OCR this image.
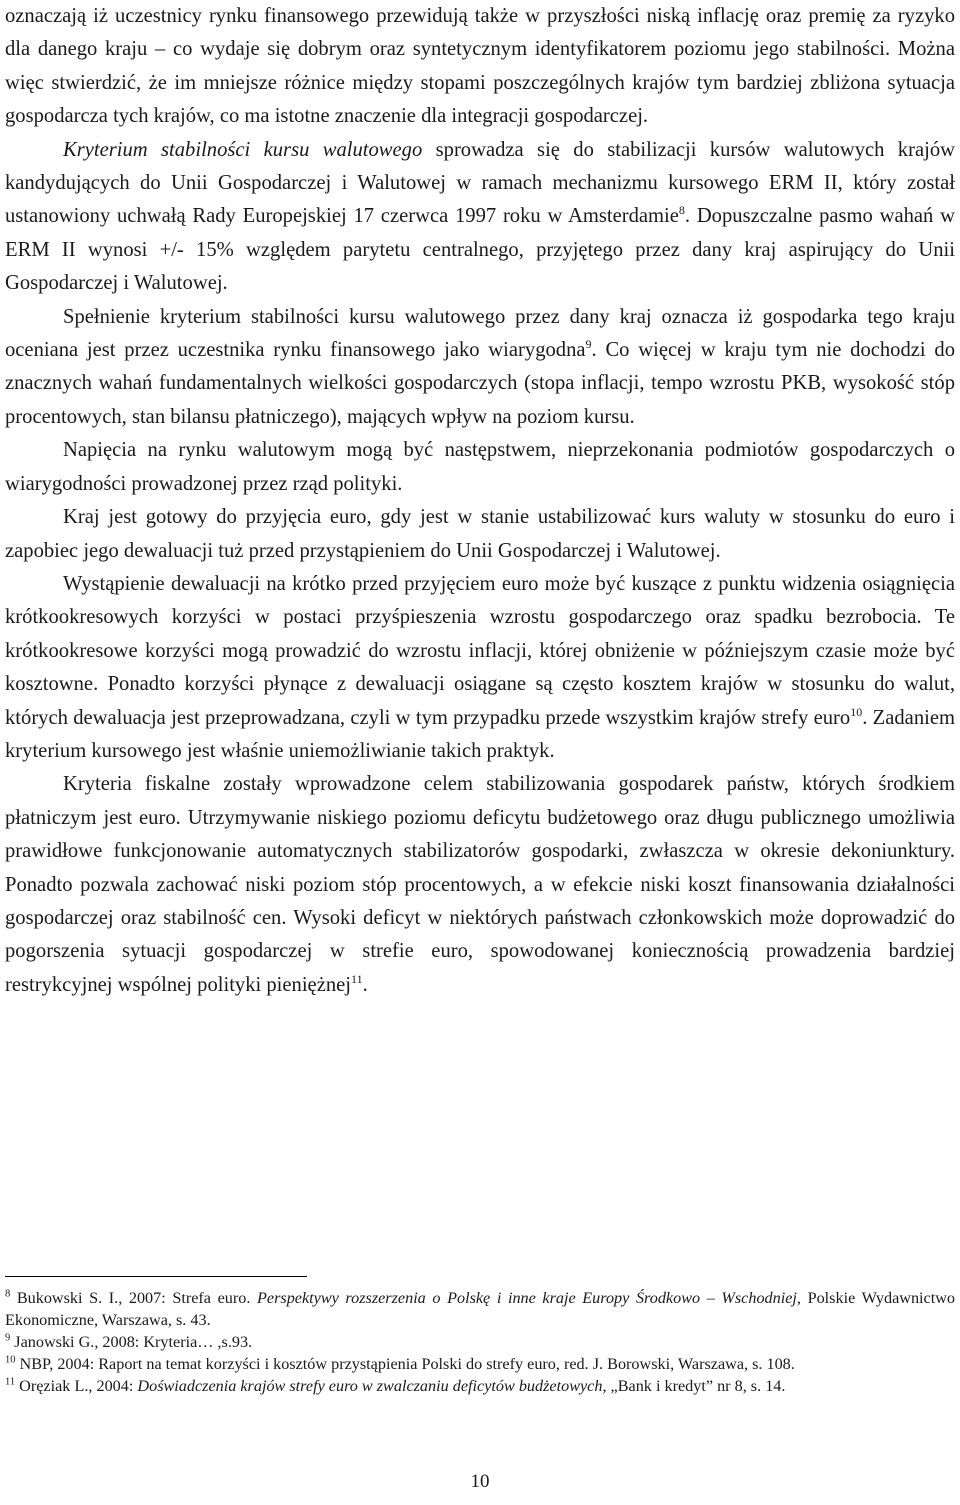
oznaczają iż uczestnicy rynku finansowego przewidują także w przyszłości niską inflację oraz premię za ryzyko dla danego kraju – co wydaje się dobrym oraz syntetycznym identyfikatorem poziomu jego stabilności. Można więc stwierdzić, że im mniejsze różnice między stopami poszczególnych krajów tym bardziej zbliżona sytuacja gospodarcza tych krajów, co ma istotne znaczenie dla integracji gospodarczej.

Kryterium stabilności kursu walutowego sprowadza się do stabilizacji kursów walutowych krajów kandydujących do Unii Gospodarczej i Walutowej w ramach mechanizmu kursowego ERM II, który został ustanowiony uchwałą Rady Europejskiej 17 czerwca 1997 roku w Amsterdamie$^8$. Dopuszczalne pasmo wahań w ERM II wynosi +/- 15% względem parytetu centralnego, przyjętego przez dany kraj aspirujący do Unii Gospodarczej i Walutowej.

Spełnienie kryterium stabilności kursu walutowego przez dany kraj oznacza iż gospodarka tego kraju oceniana jest przez uczestnika rynku finansowego jako wiarygodna$^9$. Co więcej w kraju tym nie dochodzi do znacznych wahań fundamentalnych wielkości gospodarczych (stopa inflacji, tempo wzrostu PKB, wysokość stóp procentowych, stan bilansu płatniczego), mających wpływ na poziom kursu.

Napięcia na rynku walutowym mogą być następstwem, nieprzekonania podmiotów gospodarczych o wiarygodności prowadzonej przez rząd polityki.

Kraj jest gotowy do przyjęcia euro, gdy jest w stanie ustabilizować kurs waluty w stosunku do euro i zapobiec jego dewaluacji tuż przed przystąpieniem do Unii Gospodarczej i Walutowej.

Wystąpienie dewaluacji na krótko przed przyjęciem euro może być kuszące z punktu widzenia osiągnięcia krótkookresowych korzyści w postaci przyśpieszenia wzrostu gospodarczego oraz spadku bezrobocia. Te krótkookresowe korzyści mogą prowadzić do wzrostu inflacji, której obniżenie w późniejszym czasie może być kosztowne. Ponadto korzyści płynące z dewaluacji osiągane są często kosztem krajów w stosunku do walut, których dewaluacja jest przeprowadzana, czyli w tym przypadku przede wszystkim krajów strefy euro$^{10}$. Zadaniem kryterium kursowego jest właśnie uniemożliwianie takich praktyk.

Kryteria fiskalne zostały wprowadzone celem stabilizowania gospodarek państw, których środkiem płatniczym jest euro. Utrzymywanie niskiego poziomu deficytu budżetowego oraz długu publicznego umożliwia prawidłowe funkcjonowanie automatycznych stabilizatorów gospodarki, zwłaszcza w okresie dekoniunktury. Ponadto pozwala zachować niski poziom stóp procentowych, a w efekcie niski koszt finansowania działalności gospodarczej oraz stabilność cen. Wysoki deficyt w niektórych państwach członkowskich może doprowadzić do pogorszenia sytuacji gospodarczej w strefie euro, spowodowanej koniecznością prowadzenia bardziej restrykcyjnej wspólnej polityki pieniężnej$^{11}$.

$^8$ Bukowski S. I., 2007: Strefa euro. Perspektywy rozszerzenia o Polskę i inne kraje Europy Środkowo – Wschodniej, Polskie Wydawnictwo Ekonomiczne, Warszawa, s. 43.

$^9$ Janowski G., 2008: Kryteria… ,s.93.

$^{10}$ NBP, 2004: Raport na temat korzyści i kosztów przystąpienia Polski do strefy euro, red. J. Borowski, Warszawa, s. 108.

$^{11}$ Oręziak L., 2004: Doświadczenia krajów strefy euro w zwalczaniu deficytów budżetowych, „Bank i kredyt” nr 8, s. 14.

10
